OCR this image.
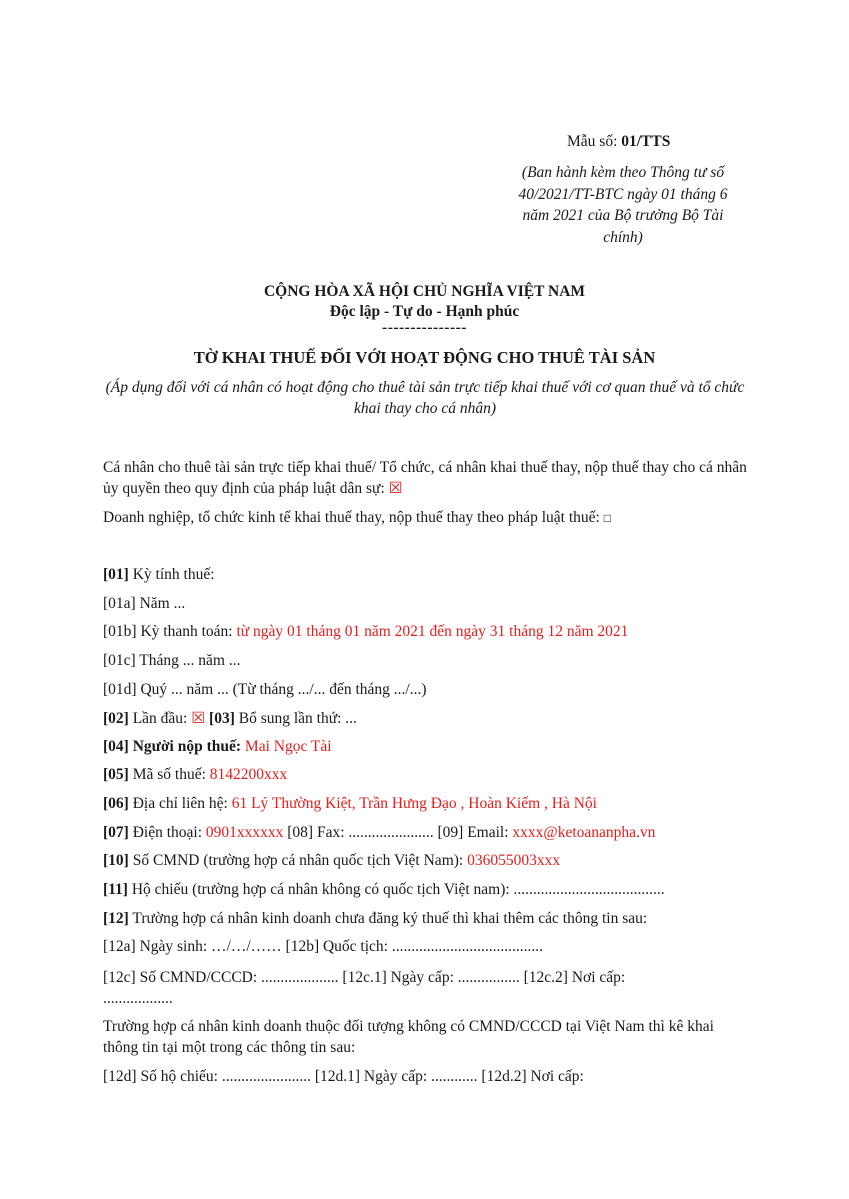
Mẫu số: 01/TTS
(Ban hành kèm theo Thông tư số 40/2021/TT-BTC ngày 01 tháng 6 năm 2021 của Bộ trưởng Bộ Tài chính)
CỘNG HÒA XÃ HỘI CHỦ NGHĨA VIỆT NAM
Độc lập - Tự do - Hạnh phúc
---------------
TỜ KHAI THUẾ ĐỐI VỚI HOẠT ĐỘNG CHO THUÊ TÀI SẢN
(Áp dụng đối với cá nhân có hoạt động cho thuê tài sản trực tiếp khai thuế với cơ quan thuế và tổ chức khai thay cho cá nhân)
Cá nhân cho thuê tài sản trực tiếp khai thuế/ Tổ chức, cá nhân khai thuế thay, nộp thuế thay cho cá nhân ủy quyền theo quy định của pháp luật dân sự: ☒
Doanh nghiệp, tổ chức kinh tế khai thuế thay, nộp thuế thay theo pháp luật thuế: □
[01] Kỳ tính thuế:
[01a] Năm ...
[01b] Kỳ thanh toán: từ ngày 01 tháng 01 năm 2021 đến ngày 31 tháng 12 năm 2021
[01c] Tháng ... năm ...
[01d] Quý ... năm ... (Từ tháng .../... đến tháng .../...)
[02] Lần đầu: ☒ [03] Bổ sung lần thứ: ...
[04] Người nộp thuế: Mai Ngọc Tài
[05] Mã số thuế: 8142200xxx
[06] Địa chỉ liên hệ: 61 Lý Thường Kiệt, Trần Hưng Đạo , Hoàn Kiếm , Hà Nội
[07] Điện thoại: 0901xxxxxx [08] Fax: ...................... [09] Email: xxxx@ketoananpha.vn
[10] Số CMND (trường hợp cá nhân quốc tịch Việt Nam): 036055003xxx
[11] Hộ chiếu (trường hợp cá nhân không có quốc tịch Việt nam): .......................................
[12] Trường hợp cá nhân kinh doanh chưa đăng ký thuế thì khai thêm các thông tin sau:
[12a] Ngày sinh: …/…/…… [12b] Quốc tịch: .......................................
[12c] Số CMND/CCCD: .................... [12c.1] Ngày cấp: ................ [12c.2] Nơi cấp: ..................
Trường hợp cá nhân kinh doanh thuộc đối tượng không có CMND/CCCD tại Việt Nam thì kê khai thông tin tại một trong các thông tin sau:
[12d] Số hộ chiếu: ....................... [12d.1] Ngày cấp: ............ [12d.2] Nơi cấp:
